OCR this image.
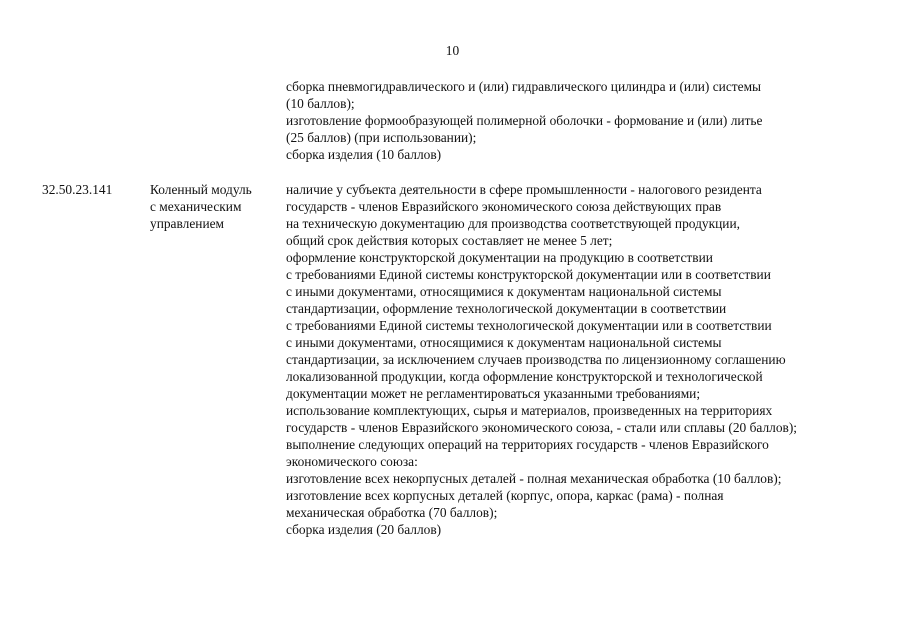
10
сборка пневмогидравлического и (или) гидравлического цилиндра и (или) системы
(10 баллов);
изготовление формообразующей полимерной оболочки - формование и (или) литье
(25 баллов) (при использовании);
сборка изделия (10 баллов)
32.50.23.141	Коленный модуль
с механическим
управлением
наличие у субъекта деятельности в сфере промышленности - налогового резидента
государств - членов Евразийского экономического союза действующих прав
на техническую документацию для производства соответствующей продукции,
общий срок действия которых составляет не менее 5 лет;
оформление конструкторской документации на продукцию в соответствии
с требованиями Единой системы конструкторской документации или в соответствии
с иными документами, относящимися к документам национальной системы
стандартизации, оформление технологической документации в соответствии
с требованиями Единой системы технологической документации или в соответствии
с иными документами, относящимися к документам национальной системы
стандартизации, за исключением случаев производства по лицензионному соглашению
локализованной продукции, когда оформление конструкторской и технологической
документации может не регламентироваться указанными требованиями;
использование комплектующих, сырья и материалов, произведенных на территориях
государств - членов Евразийского экономического союза, - стали или сплавы (20 баллов);
выполнение следующих операций на территориях государств - членов Евразийского
экономического союза:
изготовление всех некорпусных деталей - полная механическая обработка (10 баллов);
изготовление всех корпусных деталей (корпус, опора, каркас (рама) - полная
механическая обработка (70 баллов);
сборка изделия (20 баллов)
